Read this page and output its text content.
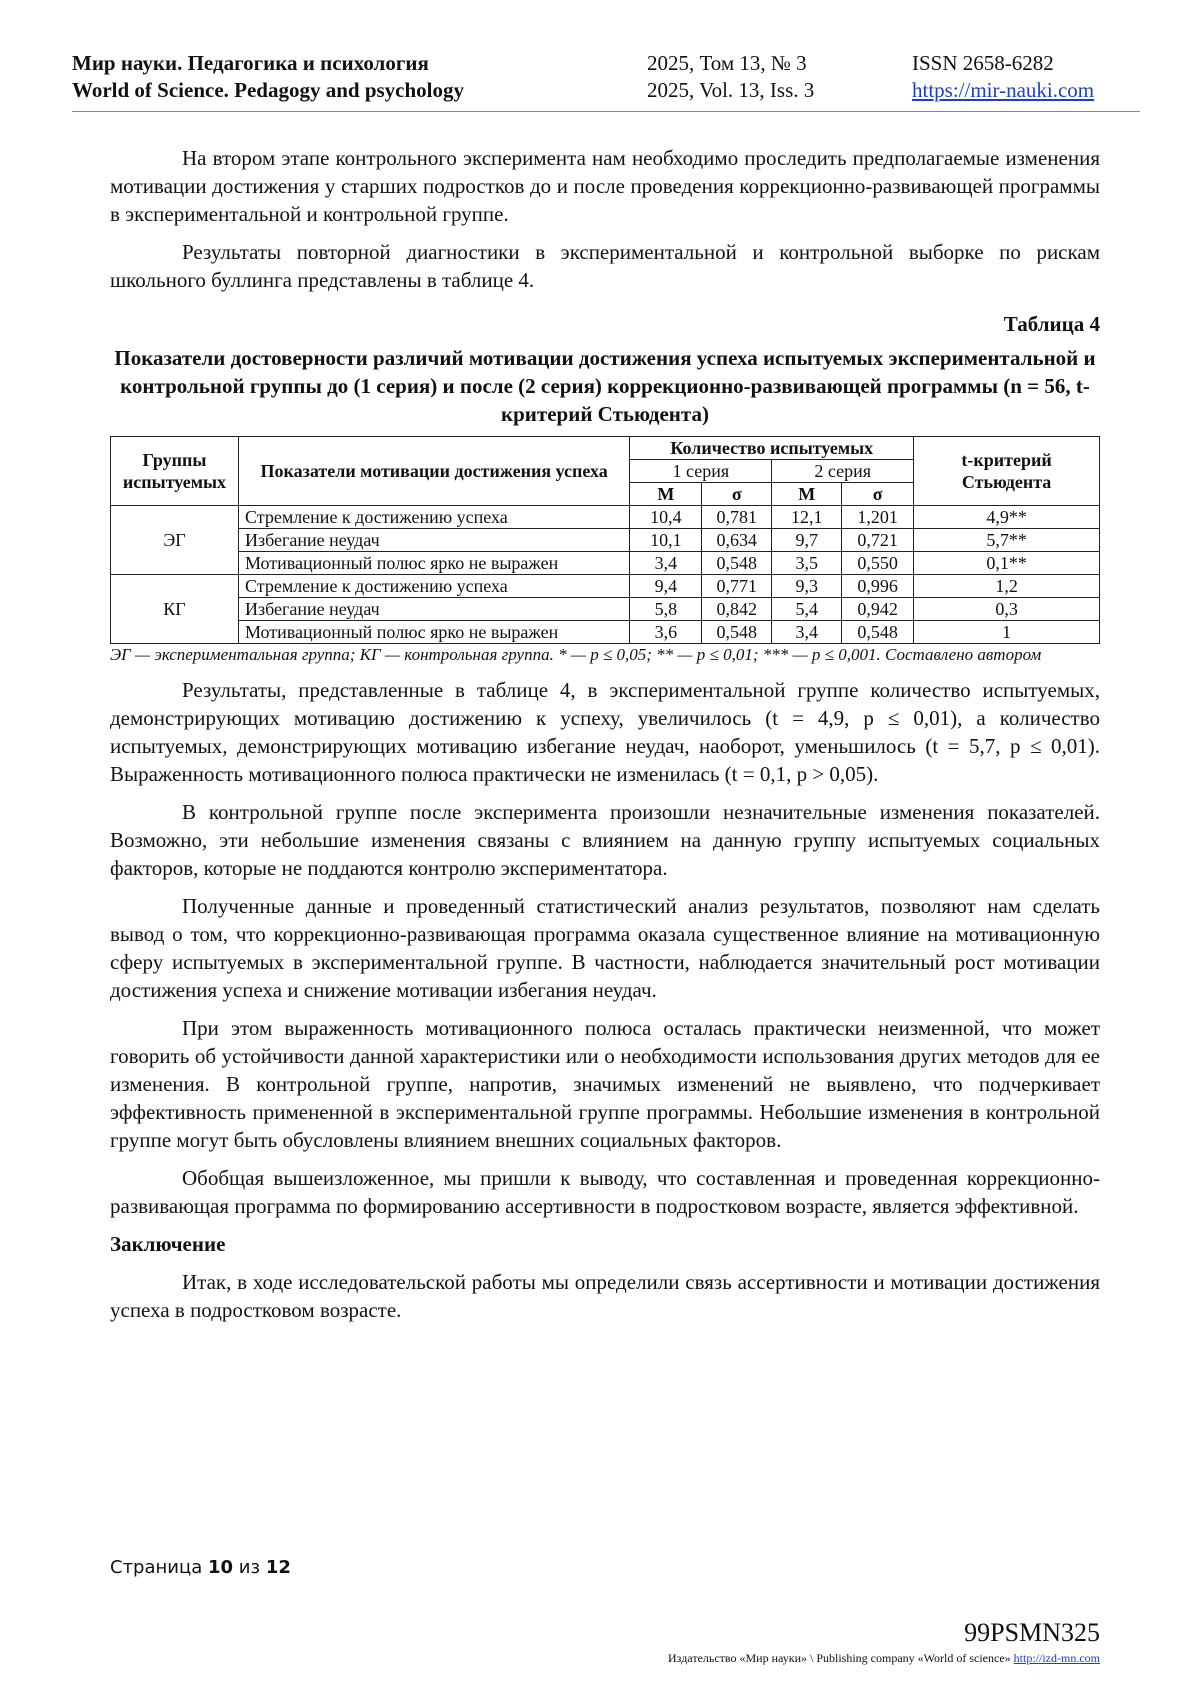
Мир науки. Педагогика и психология
World of Science. Pedagogy and psychology
2025, Том 13, № 3
2025, Vol. 13, Iss. 3
ISSN 2658-6282
https://mir-nauki.com

На втором этапе контрольного эксперимента нам необходимо проследить предполагаемые изменения мотивации достижения у старших подростков до и после проведения коррекционно-развивающей программы в экспериментальной и контрольной группе.

Результаты повторной диагностики в экспериментальной и контрольной выборке по рискам школьного буллинга представлены в таблице 4.

Таблица 4
Показатели достоверности различий мотивации достижения успеха испытуемых экспериментальной и контрольной группы до (1 серия) и после (2 серия) коррекционно-развивающей программы (n = 56, t-критерий Стьюдента)
Группы испытуемых	Показатели мотивации достижения успеха	Количество испытуемых				t-критерий Стьюдента
		1 серия		2 серия		
		M	σ	M	σ	
ЭГ	Стремление к достижению успеха	10,4	0,781	12,1	1,201	4,9**
	Избегание неудач	10,1	0,634	9,7	0,721	5,7**
	Мотивационный полюс ярко не выражен	3,4	0,548	3,5	0,550	0,1**
КГ	Стремление к достижению успеха	9,4	0,771	9,3	0,996	1,2
	Избегание неудач	5,8	0,842	5,4	0,942	0,3
	Мотивационный полюс ярко не выражен	3,6	0,548	3,4	0,548	1

ЭГ — экспериментальная группа; КГ — контрольная группа. * — p ≤ 0,05; ** — p ≤ 0,01; *** — p ≤ 0,001. Составлено автором

Результаты, представленные в таблице 4, в экспериментальной группе количество испытуемых, демонстрирующих мотивацию достижению к успеху, увеличилось (t = 4,9, p ≤ 0,01), а количество испытуемых, демонстрирующих мотивацию избегание неудач, наоборот, уменьшилось (t = 5,7, p ≤ 0,01). Выраженность мотивационного полюса практически не изменилась (t = 0,1, p > 0,05).

В контрольной группе после эксперимента произошли незначительные изменения показателей. Возможно, эти небольшие изменения связаны с влиянием на данную группу испытуемых социальных факторов, которые не поддаются контролю экспериментатора.

Полученные данные и проведенный статистический анализ результатов, позволяют нам сделать вывод о том, что коррекционно-развивающая программа оказала существенное влияние на мотивационную сферу испытуемых в экспериментальной группе. В частности, наблюдается значительный рост мотивации достижения успеха и снижение мотивации избегания неудач.

При этом выраженность мотивационного полюса осталась практически неизменной, что может говорить об устойчивости данной характеристики или о необходимости использования других методов для ее изменения. В контрольной группе, напротив, значимых изменений не выявлено, что подчеркивает эффективность примененной в экспериментальной группе программы. Небольшие изменения в контрольной группе могут быть обусловлены влиянием внешних социальных факторов.

Обобщая вышеизложенное, мы пришли к выводу, что составленная и проведенная коррекционно-развивающая программа по формированию ассертивности в подростковом возрасте, является эффективной.

Заключение

Итак, в ходе исследовательской работы мы определили связь ассертивности и мотивации достижения успеха в подростковом возрасте.

Страница 10 из 12
99PSMN325
Издательство «Мир науки» \ Publishing company «World of science» http://izd-mn.com
